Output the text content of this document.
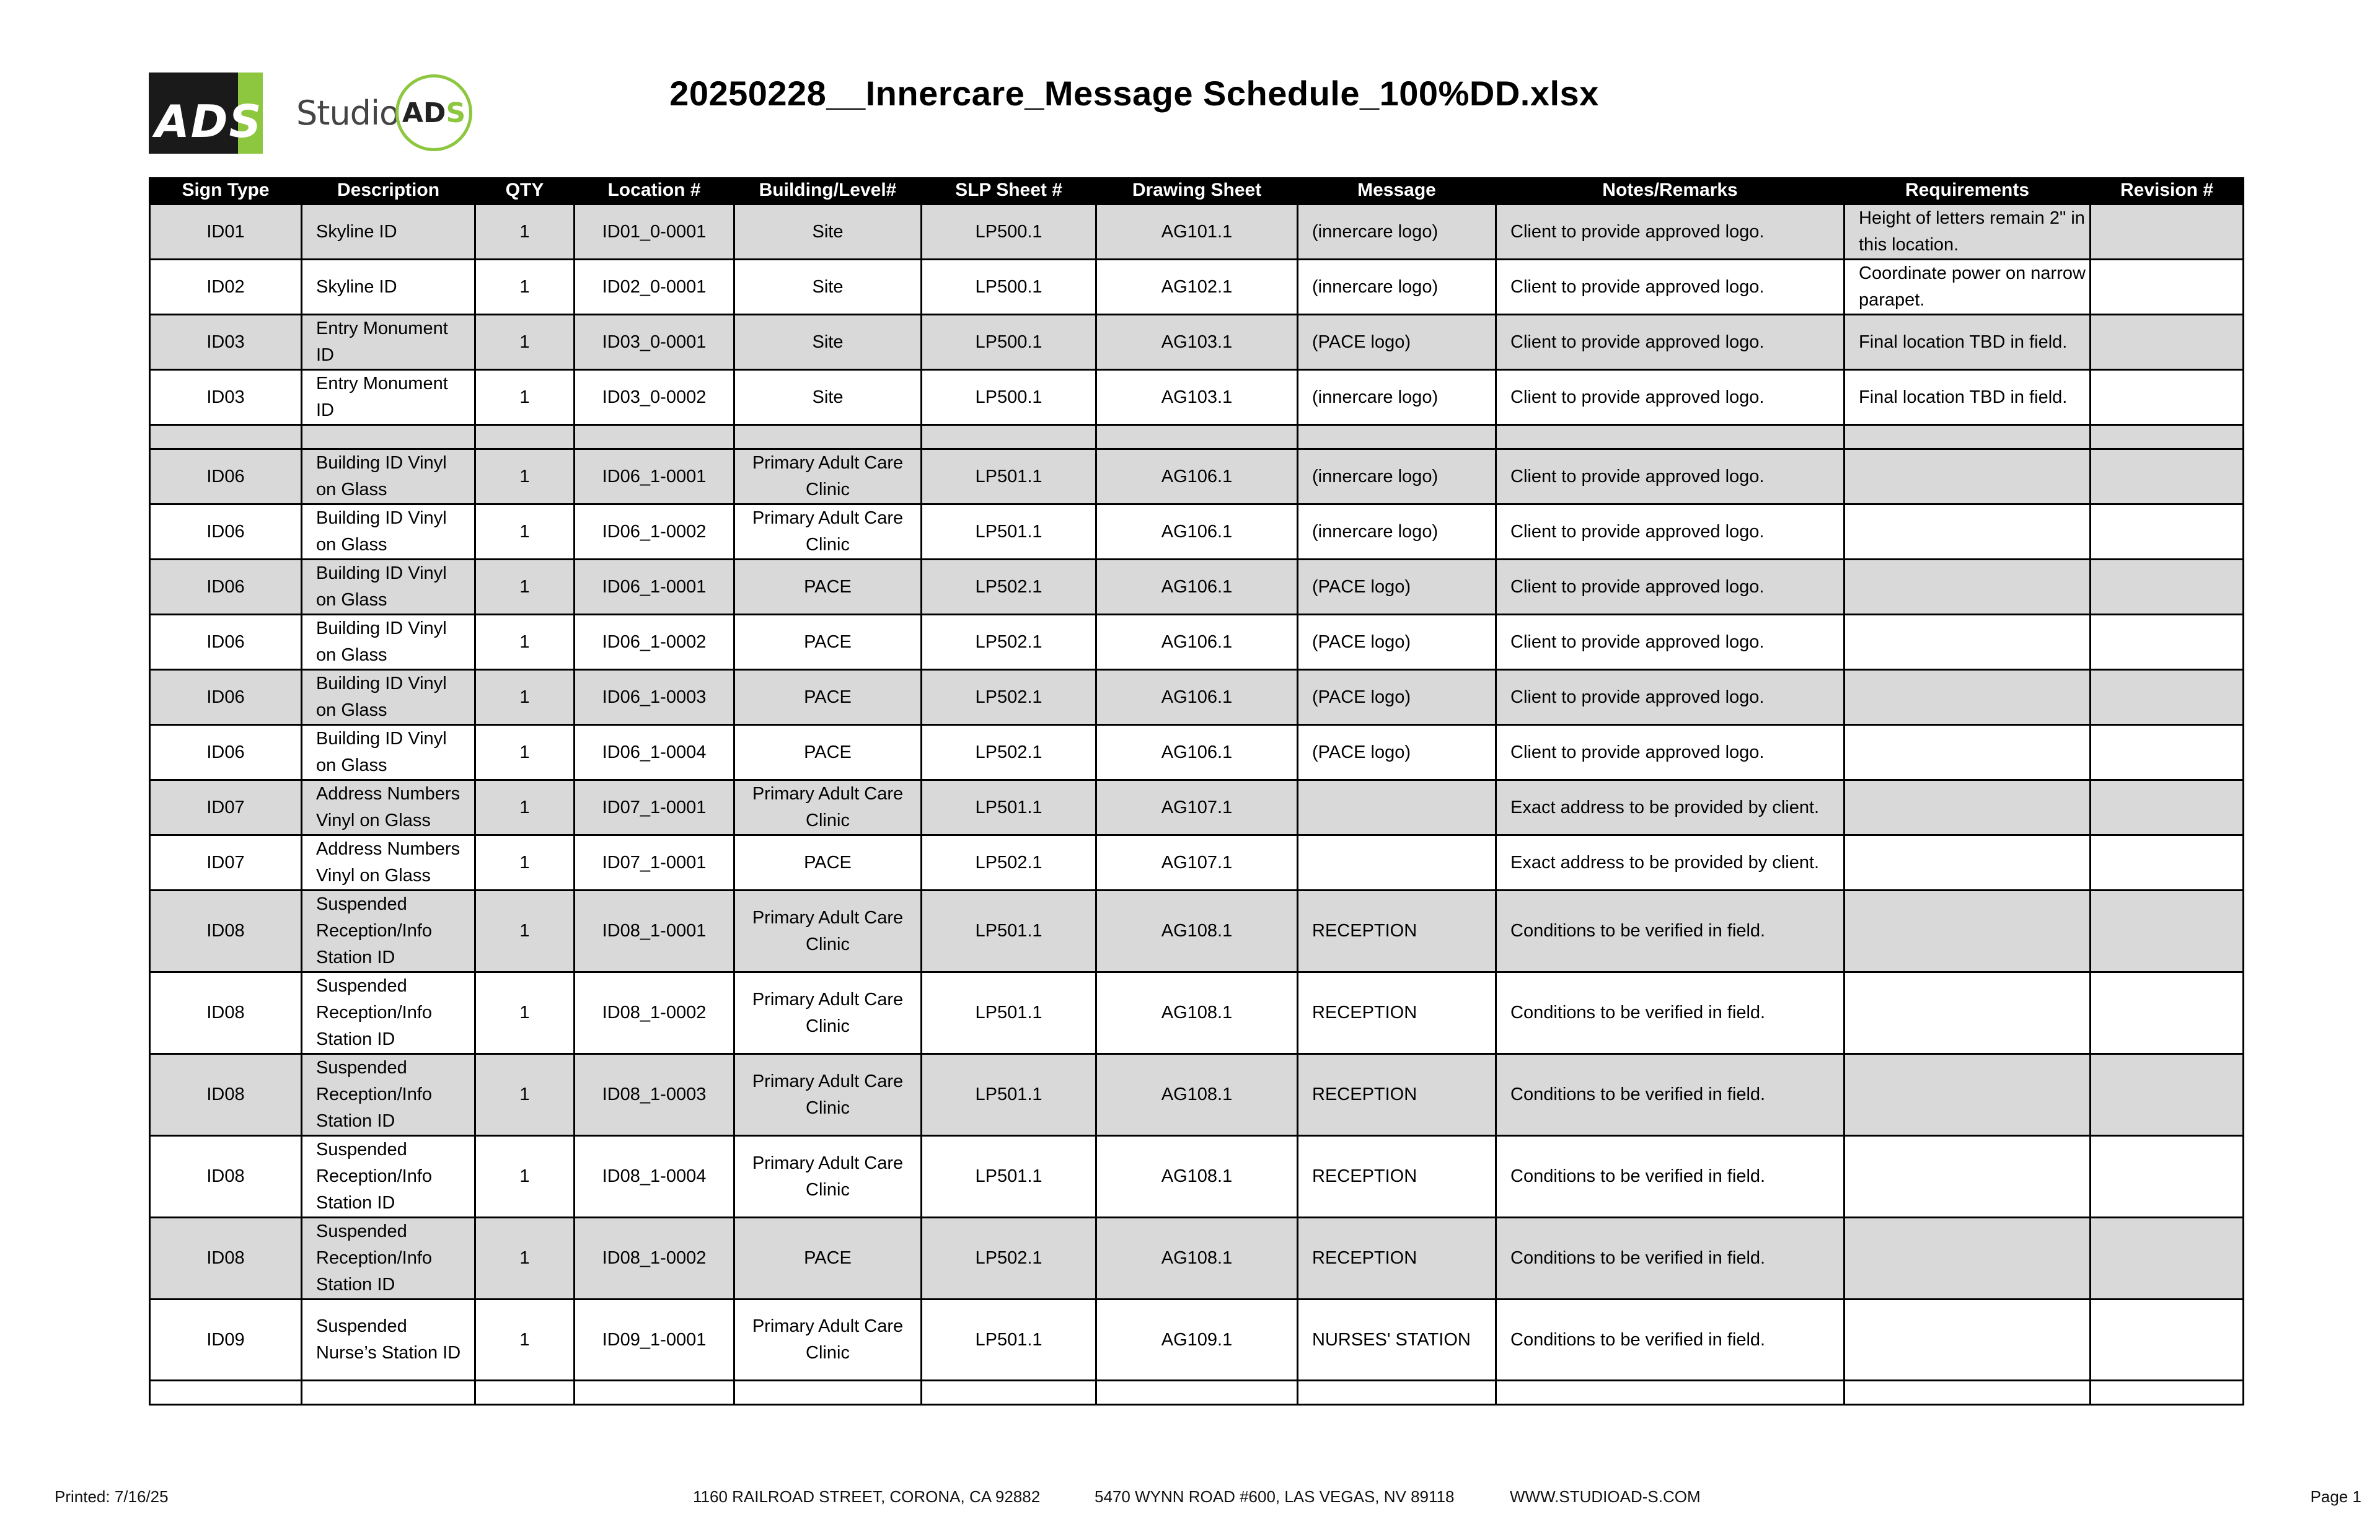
ADS Studio ADS	20250228__Innercare_Message Schedule_100%DD.xlsx
Sign Type	Description	QTY	Location #	Building/Level#	SLP Sheet #	Drawing Sheet	Message	Notes/Remarks	Requirements	Revision #
ID01	Skyline ID	1	ID01_0-0001	Site	LP500.1	AG101.1	(innercare logo)	Client to provide approved logo.	Height of letters remain 2" in this location.	
ID02	Skyline ID	1	ID02_0-0001	Site	LP500.1	AG102.1	(innercare logo)	Client to provide approved logo.	Coordinate power on narrow parapet.	
ID03	Entry Monument ID	1	ID03_0-0001	Site	LP500.1	AG103.1	(PACE logo)	Client to provide approved logo.	Final location TBD in field.	
ID03	Entry Monument ID	1	ID03_0-0002	Site	LP500.1	AG103.1	(innercare logo)	Client to provide approved logo.	Final location TBD in field.	

ID06	Building ID Vinyl on Glass	1	ID06_1-0001	Primary Adult Care Clinic	LP501.1	AG106.1	(innercare logo)	Client to provide approved logo.		
ID06	Building ID Vinyl on Glass	1	ID06_1-0002	Primary Adult Care Clinic	LP501.1	AG106.1	(innercare logo)	Client to provide approved logo.		
ID06	Building ID Vinyl on Glass	1	ID06_1-0001	PACE	LP502.1	AG106.1	(PACE logo)	Client to provide approved logo.		
ID06	Building ID Vinyl on Glass	1	ID06_1-0002	PACE	LP502.1	AG106.1	(PACE logo)	Client to provide approved logo.		
ID06	Building ID Vinyl on Glass	1	ID06_1-0003	PACE	LP502.1	AG106.1	(PACE logo)	Client to provide approved logo.		
ID06	Building ID Vinyl on Glass	1	ID06_1-0004	PACE	LP502.1	AG106.1	(PACE logo)	Client to provide approved logo.		
ID07	Address Numbers Vinyl on Glass	1	ID07_1-0001	Primary Adult Care Clinic	LP501.1	AG107.1		Exact address to be provided by client.		
ID07	Address Numbers Vinyl on Glass	1	ID07_1-0001	PACE	LP502.1	AG107.1		Exact address to be provided by client.		
ID08	Suspended Reception/Info Station ID	1	ID08_1-0001	Primary Adult Care Clinic	LP501.1	AG108.1	RECEPTION	Conditions to be verified in field.		
ID08	Suspended Reception/Info Station ID	1	ID08_1-0002	Primary Adult Care Clinic	LP501.1	AG108.1	RECEPTION	Conditions to be verified in field.		
ID08	Suspended Reception/Info Station ID	1	ID08_1-0003	Primary Adult Care Clinic	LP501.1	AG108.1	RECEPTION	Conditions to be verified in field.		
ID08	Suspended Reception/Info Station ID	1	ID08_1-0004	Primary Adult Care Clinic	LP501.1	AG108.1	RECEPTION	Conditions to be verified in field.		
ID08	Suspended Reception/Info Station ID	1	ID08_1-0002	PACE	LP502.1	AG108.1	RECEPTION	Conditions to be verified in field.		
ID09	Suspended Nurse’s Station ID	1	ID09_1-0001	Primary Adult Care Clinic	LP501.1	AG109.1	NURSES' STATION	Conditions to be verified in field.		

Printed: 7/16/25	1160 RAILROAD STREET, CORONA, CA 92882	5470 WYNN ROAD #600, LAS VEGAS, NV 89118	WWW.STUDIOAD-S.COM	Page 1
